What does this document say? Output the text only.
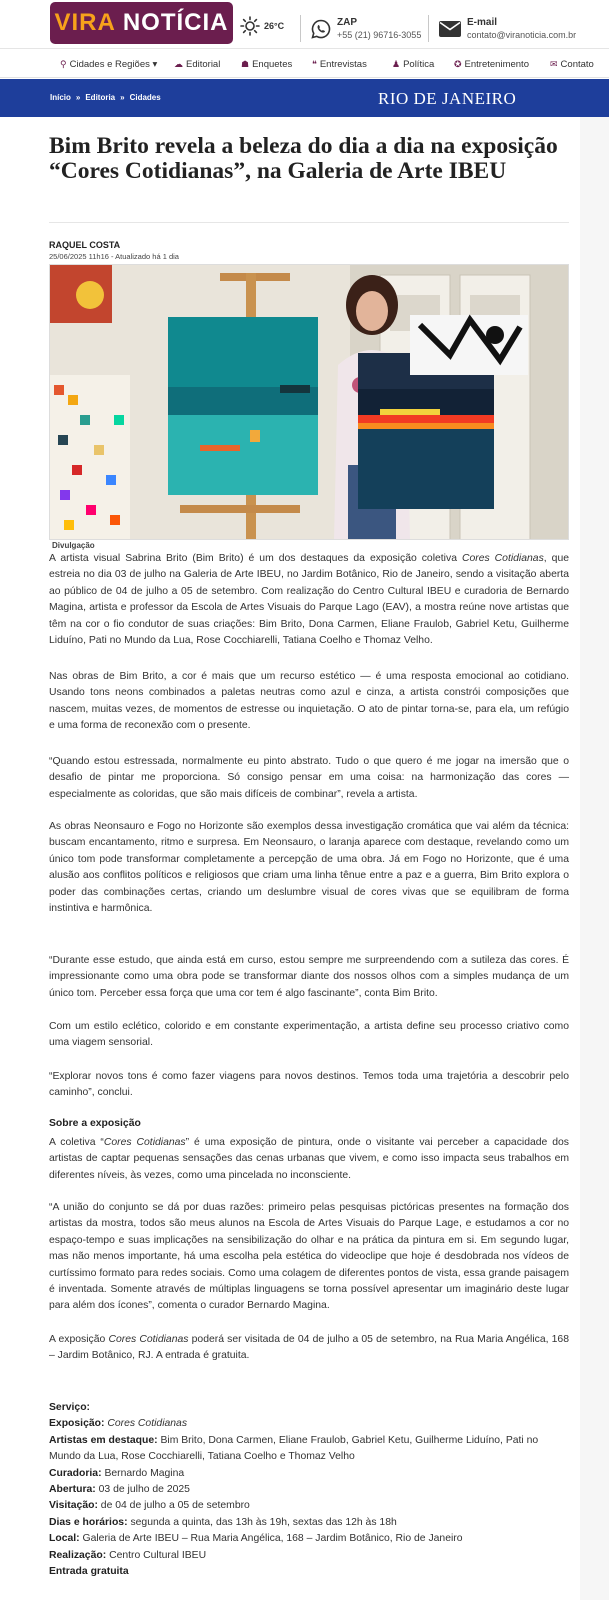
VIRA NOTÍCIA	26°C	ZAP
+55 (21) 96716-3055
E-mail
contato@viranoticia.com.br
⚲ Cidades e Regiões ▾ ☁ Editorial ☗ Enquetes ❝ Entrevistas	♟ Política ✪ Entretenimento ✉ Contato
Início » Editoria » Cidades	RIO DE JANEIRO
Bim Brito revela a beleza do dia a dia na exposição “Cores Cotidianas”, na Galeria de Arte IBEU
RAQUEL COSTA
25/06/2025 11h16 - Atualizado há 1 dia
Divulgação

A artista visual Sabrina Brito (Bim Brito) é um dos destaques da exposição coletiva Cores Cotidianas, que estreia no dia 03 de julho na Galeria de Arte IBEU, no Jardim Botânico, Rio de Janeiro, sendo a visitação aberta ao público de 04 de julho a 05 de setembro. Com realização do Centro Cultural IBEU e curadoria de Bernardo Magina, artista e professor da Escola de Artes Visuais do Parque Lago (EAV), a mostra reúne nove artistas que têm na cor o fio condutor de suas criações: Bim Brito, Dona Carmen, Eliane Fraulob, Gabriel Ketu, Guilherme Liduíno, Pati no Mundo da Lua, Rose Cocchiarelli, Tatiana Coelho e Thomaz Velho.

Nas obras de Bim Brito, a cor é mais que um recurso estético — é uma resposta emocional ao cotidiano. Usando tons neons combinados a paletas neutras como azul e cinza, a artista constrói composições que nascem, muitas vezes, de momentos de estresse ou inquietação. O ato de pintar torna-se, para ela, um refúgio e uma forma de reconexão com o presente.

“Quando estou estressada, normalmente eu pinto abstrato. Tudo o que quero é me jogar na imersão que o desafio de pintar me proporciona. Só consigo pensar em uma coisa: na harmonização das cores — especialmente as coloridas, que são mais difíceis de combinar”, revela a artista.

As obras Neonsauro e Fogo no Horizonte são exemplos dessa investigação cromática que vai além da técnica: buscam encantamento, ritmo e surpresa. Em Neonsauro, o laranja aparece com destaque, revelando como um único tom pode transformar completamente a percepção de uma obra. Já em Fogo no Horizonte, que é uma alusão aos conflitos políticos e religiosos que criam uma linha tênue entre a paz e a guerra, Bim Brito explora o poder das combinações certas, criando um deslumbre visual de cores vivas que se equilibram de forma instintiva e harmônica.

“Durante esse estudo, que ainda está em curso, estou sempre me surpreendendo com a sutileza das cores. É impressionante como uma obra pode se transformar diante dos nossos olhos com a simples mudança de um único tom. Perceber essa força que uma cor tem é algo fascinante”, conta Bim Brito.

Com um estilo eclético, colorido e em constante experimentação, a artista define seu processo criativo como uma viagem sensorial.

“Explorar novos tons é como fazer viagens para novos destinos. Temos toda uma trajetória a descobrir pelo caminho”, conclui.

Sobre a exposição

A coletiva “Cores Cotidianas” é uma exposição de pintura, onde o visitante vai perceber a capacidade dos artistas de captar pequenas sensações das cenas urbanas que vivem, e como isso impacta seus trabalhos em diferentes níveis, às vezes, como uma pincelada no inconsciente.

“A união do conjunto se dá por duas razões: primeiro pelas pesquisas pictóricas presentes na formação dos artistas da mostra, todos são meus alunos na Escola de Artes Visuais do Parque Lage, e estudamos a cor no espaço-tempo e suas implicações na sensibilização do olhar e na prática da pintura em si. Em segundo lugar, mas não menos importante, há uma escolha pela estética do videoclipe que hoje é desdobrada nos vídeos de curtíssimo formato para redes sociais. Como uma colagem de diferentes pontos de vista, essa grande paisagem é inventada. Somente através de múltiplas linguagens se torna possível apresentar um imaginário deste lugar para além dos ícones”, comenta o curador Bernardo Magina.

A exposição Cores Cotidianas poderá ser visitada de 04 de julho a 05 de setembro, na Rua Maria Angélica, 168 – Jardim Botânico, RJ. A entrada é gratuita.

Serviço:
Exposição: Cores Cotidianas
Artistas em destaque: Bim Brito, Dona Carmen, Eliane Fraulob, Gabriel Ketu, Guilherme Liduíno, Pati no Mundo da Lua, Rose Cocchiarelli, Tatiana Coelho e Thomaz Velho
Curadoria: Bernardo Magina
Abertura: 03 de julho de 2025
Visitação: de 04 de julho a 05 de setembro
Dias e horários: segunda a quinta, das 13h às 19h, sextas das 12h às 18h
Local: Galeria de Arte IBEU – Rua Maria Angélica, 168 – Jardim Botânico, Rio de Janeiro
Realização: Centro Cultural IBEU
Entrada gratuita
